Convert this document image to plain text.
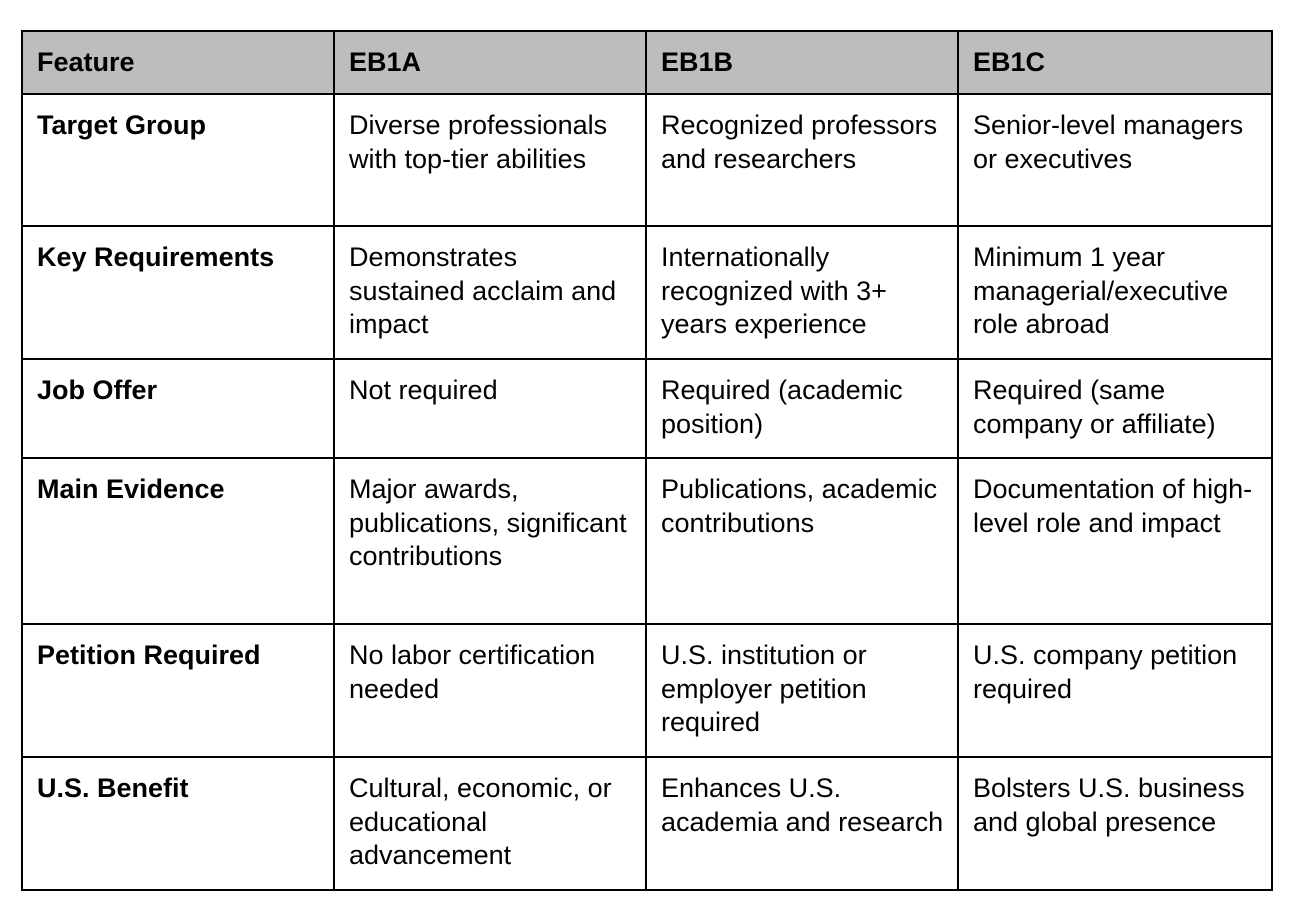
Feature	EB1A	EB1B	EB1C
Target Group	Diverse professionals with top-tier abilities	Recognized professors and researchers	Senior-level managers or executives
Key Requirements	Demonstrates sustained acclaim and impact	Internationally recognized with 3+ years experience	Minimum 1 year managerial/executive role abroad
Job Offer	Not required	Required (academic position)	Required (same company or affiliate)
Main Evidence	Major awards, publications, significant contributions	Publications, academic contributions	Documentation of high-level role and impact
Petition Required	No labor certification needed	U.S. institution or employer petition required	U.S. company petition required
U.S. Benefit	Cultural, economic, or educational advancement	Enhances U.S. academia and research	Bolsters U.S. business and global presence
